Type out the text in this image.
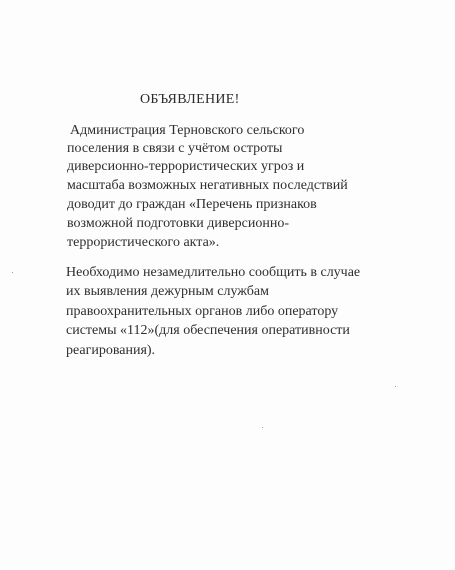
ОБЪЯВЛЕНИЕ!
Администрация Терновского сельского
поселения в связи с учётом остроты
диверсионно-террористических угроз и
масштаба возможных негативных последствий
доводит до граждан «Перечень признаков
возможной подготовки диверсионно-
террористического акта».
Необходимо незамедлительно сообщить в случае
их выявления дежурным службам
правоохранительных органов либо оператору
системы «112»(для обеспечения оперативности
реагирования).
